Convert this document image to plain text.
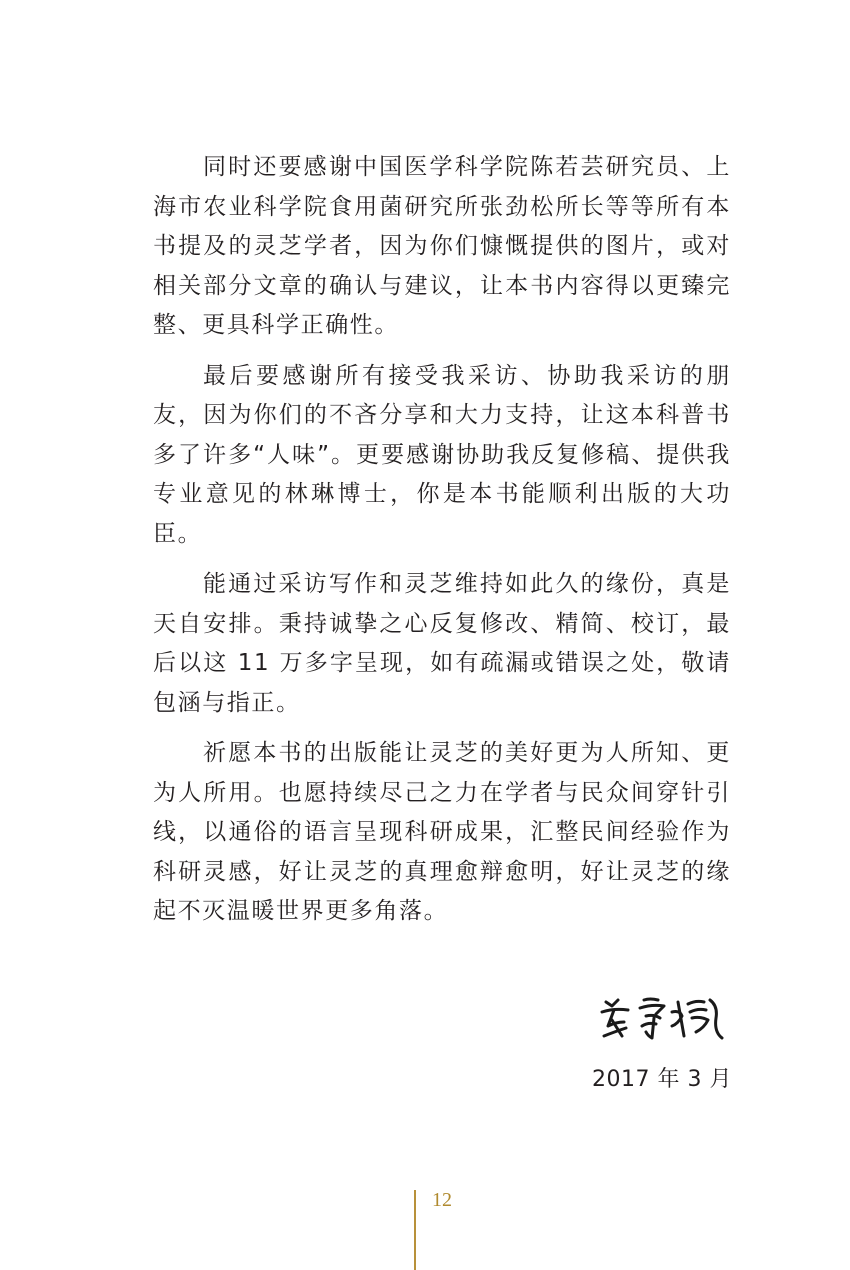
同时还要感谢中国医学科学院陈若芸研究员、上海市农业科学院食用菌研究所张劲松所长等等所有本书提及的灵芝学者，因为你们慷慨提供的图片，或对相关部分文章的确认与建议，让本书内容得以更臻完整、更具科学正确性。

最后要感谢所有接受我采访、协助我采访的朋友，因为你们的不吝分享和大力支持，让这本科普书多了许多“人味”。更要感谢协助我反复修稿、提供我专业意见的林琳博士，你是本书能顺利出版的大功臣。

能通过采访写作和灵芝维持如此久的缘份，真是天自安排。秉持诚挚之心反复修改、精简、校订，最后以这 11 万多字呈现，如有疏漏或错误之处，敬请包涵与指正。

祈愿本书的出版能让灵芝的美好更为人所知、更为人所用。也愿持续尽己之力在学者与民众间穿针引线，以通俗的语言呈现科研成果，汇整民间经验作为科研灵感，好让灵芝的真理愈辩愈明，好让灵芝的缘起不灭温暖世界更多角落。

2017 年 3 月
12
